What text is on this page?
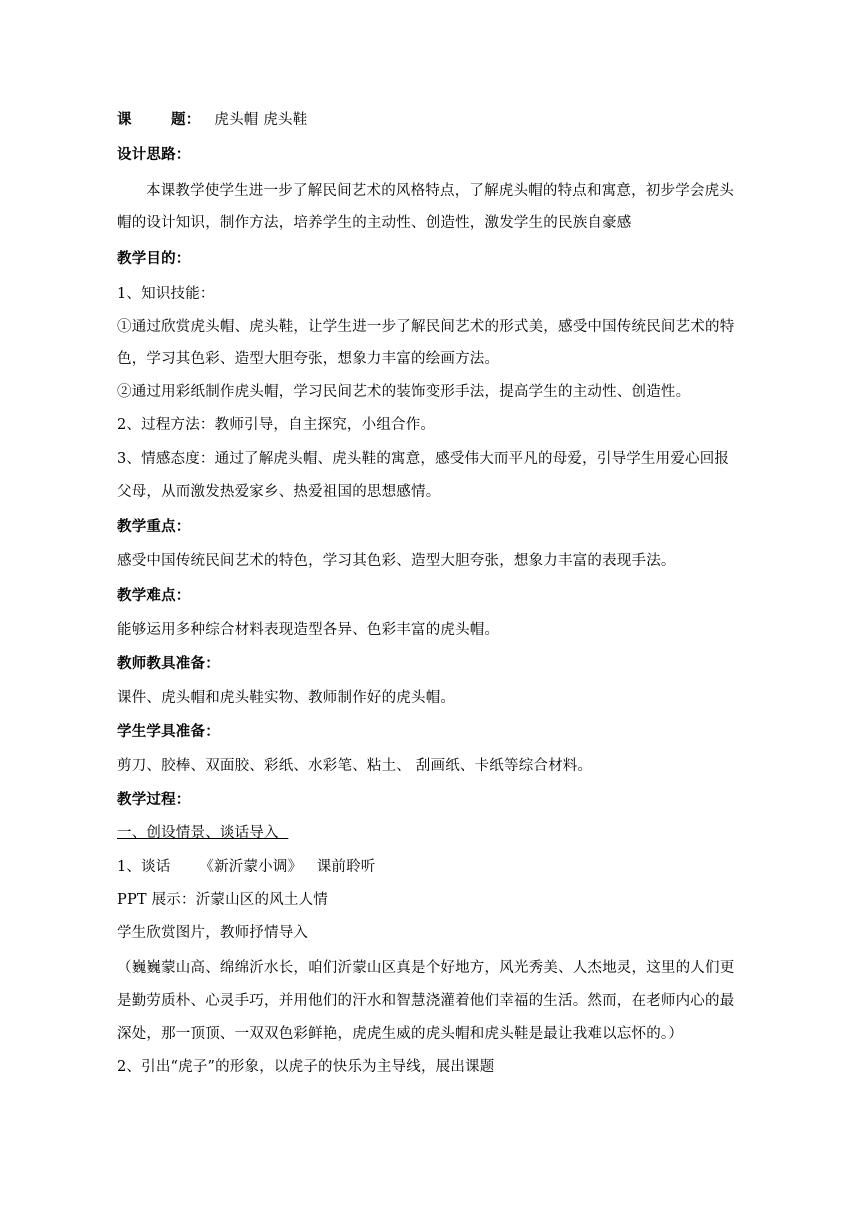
课	题： 虎头帽 虎头鞋
设计思路：
本课教学使学生进一步了解民间艺术的风格特点，了解虎头帽的特点和寓意，初步学会虎头
帽的设计知识，制作方法，培养学生的主动性、创造性，激发学生的民族自豪感
教学目的：
1、知识技能：
①通过欣赏虎头帽、虎头鞋，让学生进一步了解民间艺术的形式美，感受中国传统民间艺术的特
色，学习其色彩、造型大胆夸张，想象力丰富的绘画方法。
②通过用彩纸制作虎头帽，学习民间艺术的装饰变形手法，提高学生的主动性、创造性。
2、过程方法：教师引导，自主探究，小组合作。
3、情感态度：通过了解虎头帽、虎头鞋的寓意，感受伟大而平凡的母爱，引导学生用爱心回报
父母，从而激发热爱家乡、热爱祖国的思想感情。
教学重点：
感受中国传统民间艺术的特色，学习其色彩、造型大胆夸张，想象力丰富的表现手法。
教学难点：
能够运用多种综合材料表现造型各异、色彩丰富的虎头帽。
教师教具准备：
课件、虎头帽和虎头鞋实物、教师制作好的虎头帽。
学生学具准备：
剪刀、胶棒、双面胶、彩纸、水彩笔、粘土、 刮画纸、卡纸等综合材料。
教学过程：
一、创设情景、谈话导入
1、谈话      《新沂蒙小调》   课前聆听
PPT 展示：沂蒙山区的风土人情
学生欣赏图片，教师抒情导入
（巍巍蒙山高、绵绵沂水长，咱们沂蒙山区真是个好地方，风光秀美、人杰地灵，这里的人们更
是勤劳质朴、心灵手巧，并用他们的汗水和智慧浇灌着他们幸福的生活。然而，在老师内心的最
深处，那一顶顶、一双双色彩鲜艳，虎虎生威的虎头帽和虎头鞋是最让我难以忘怀的。）
2、引出“虎子”的形象，以虎子的快乐为主导线，展出课题
